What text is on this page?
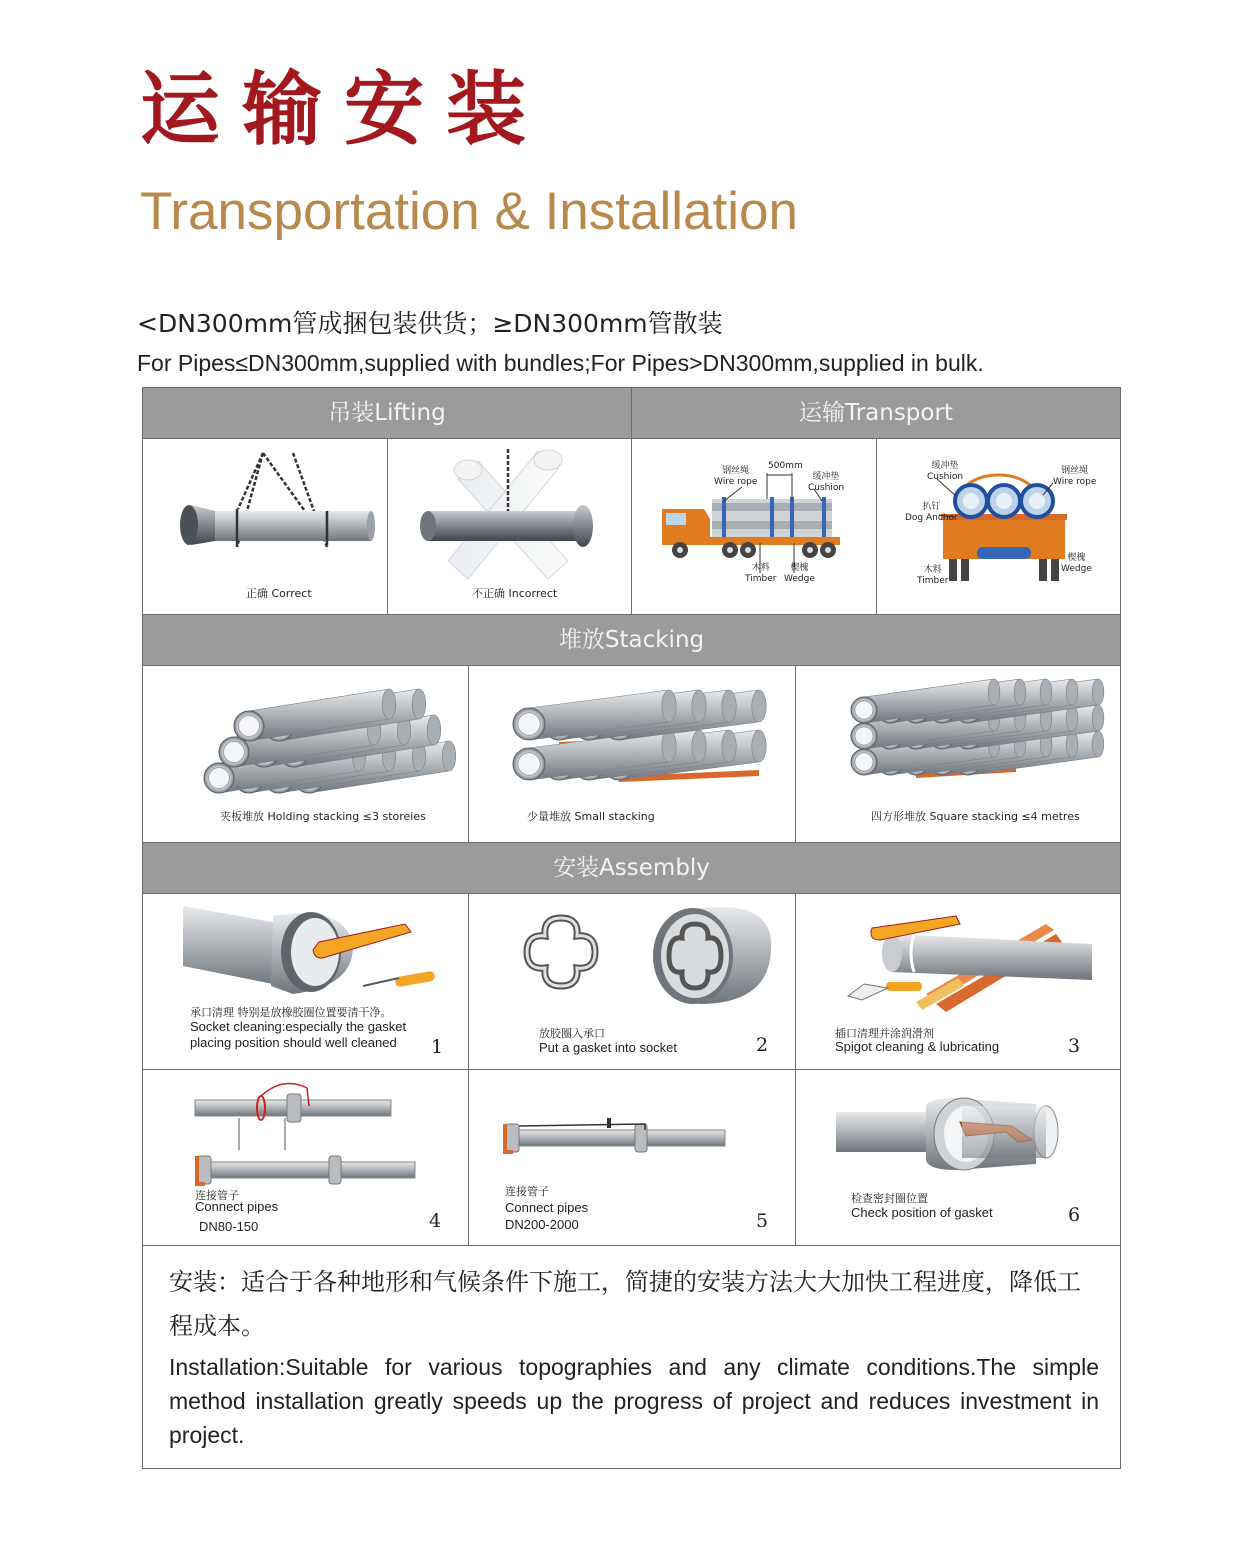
运输安装
Transportation & Installation
<DN300mm管成捆包装供货；≥DN300mm管散装
For Pipes≤DN300mm,supplied with bundles;For Pipes>DN300mm,supplied in bulk.
吊装Lifting	运输Transport
正确 Correct	不正确 Incorrect
钢丝绳
Wire rope
500mm
缓冲垫
Cushion
木料
Timber
楔槐
Wedge
缓冲垫
Cushion
钢丝绳
Wire rope
扒钉
Dog Anchor
木料
Timber
楔槐
Wedge
堆放Stacking
夹板堆放 Holding stacking ≤3 storeies	少量堆放 Small stacking	四方形堆放 Square stacking ≤4 metres
安装Assembly
承口清理 特别是放橡胶圈位置要清干净。
Socket cleaning:especially the gasket placing position should well cleaned	1
放胶圈入承口
Put a gasket into socket	2
插口清理并涂润滑剂
Spigot cleaning & lubricating	3
连接管子
Connect pipes
DN80-150	4
连接管子
Connect pipes
DN200-2000	5
检查密封圈位置
Check position of gasket	6
安装：适合于各种地形和气候条件下施工，简捷的安装方法大大加快工程进度，降低工程成本。
Installation:Suitable for various topographies and any climate conditions.The simple method installation greatly speeds up the progress of project and reduces investment in project.
